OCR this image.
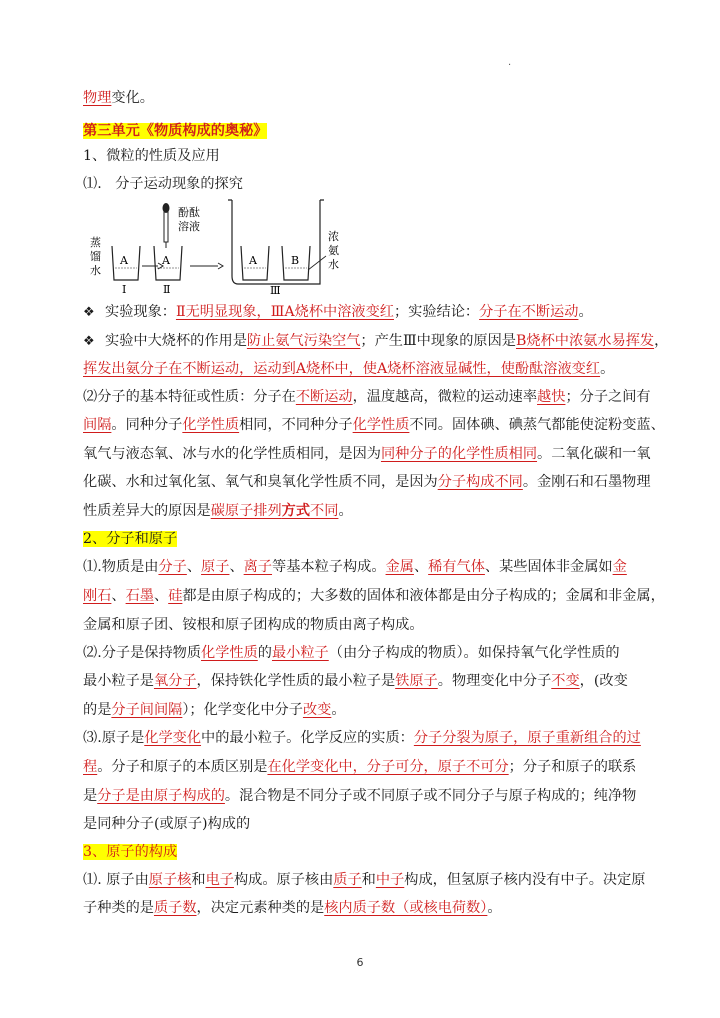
.
物理变化。
第三单元《物质构成的奥秘》
1、微粒的性质及应用
⑴.   分子运动现象的探究
蒸
馏
水
A
Ⅰ
酚酞
溶液
A
Ⅱ
A	B
Ⅲ
浓
氨
水
❖ 实验现象：Ⅱ无明显现象，ⅢA烧杯中溶液变红；实验结论：分子在不断运动。
❖ 实验中大烧杯的作用是防止氨气污染空气；产生Ⅲ中现象的原因是B烧杯中浓氨水易挥发，
挥发出氨分子在不断运动，运动到A烧杯中，使A烧杯溶液显碱性，使酚酞溶液变红。
⑵分子的基本特征或性质：分子在不断运动，温度越高，微粒的运动速率越快；分子之间有
间隔。同种分子化学性质相同，不同种分子化学性质不同。固体碘、碘蒸气都能使淀粉变蓝、
氧气与液态氧、冰与水的化学性质相同，是因为同种分子的化学性质相同。二氧化碳和一氧
化碳、水和过氧化氢、氧气和臭氧化学性质不同，是因为分子构成不同。金刚石和石墨物理
性质差异大的原因是碳原子排列方式不同。
2、分子和原子
⑴.物质是由分子、原子、离子等基本粒子构成。金属、稀有气体、某些固体非金属如金
刚石、石墨、硅都是由原子构成的；大多数的固体和液体都是由分子构成的；金属和非金属，
金属和原子团、铵根和原子团构成的物质由离子构成。
⑵.分子是保持物质化学性质的最小粒子（由分子构成的物质）。如保持氧气化学性质的
最小粒子是氧分子，保持铁化学性质的最小粒子是铁原子。物理变化中分子不变，(改变
的是分子间间隔）；化学变化中分子改变。
⑶.原子是化学变化中的最小粒子。化学反应的实质：分子分裂为原子，原子重新组合的过
程。分子和原子的本质区别是在化学变化中，分子可分，原子不可分；分子和原子的联系
是分子是由原子构成的。混合物是不同分子或不同原子或不同分子与原子构成的；纯净物
是同种分子(或原子)构成的
3、原子的构成
⑴. 原子由原子核和电子构成。原子核由质子和中子构成，但氢原子核内没有中子。决定原
子种类的是质子数，决定元素种类的是核内质子数（或核电荷数）。
6
